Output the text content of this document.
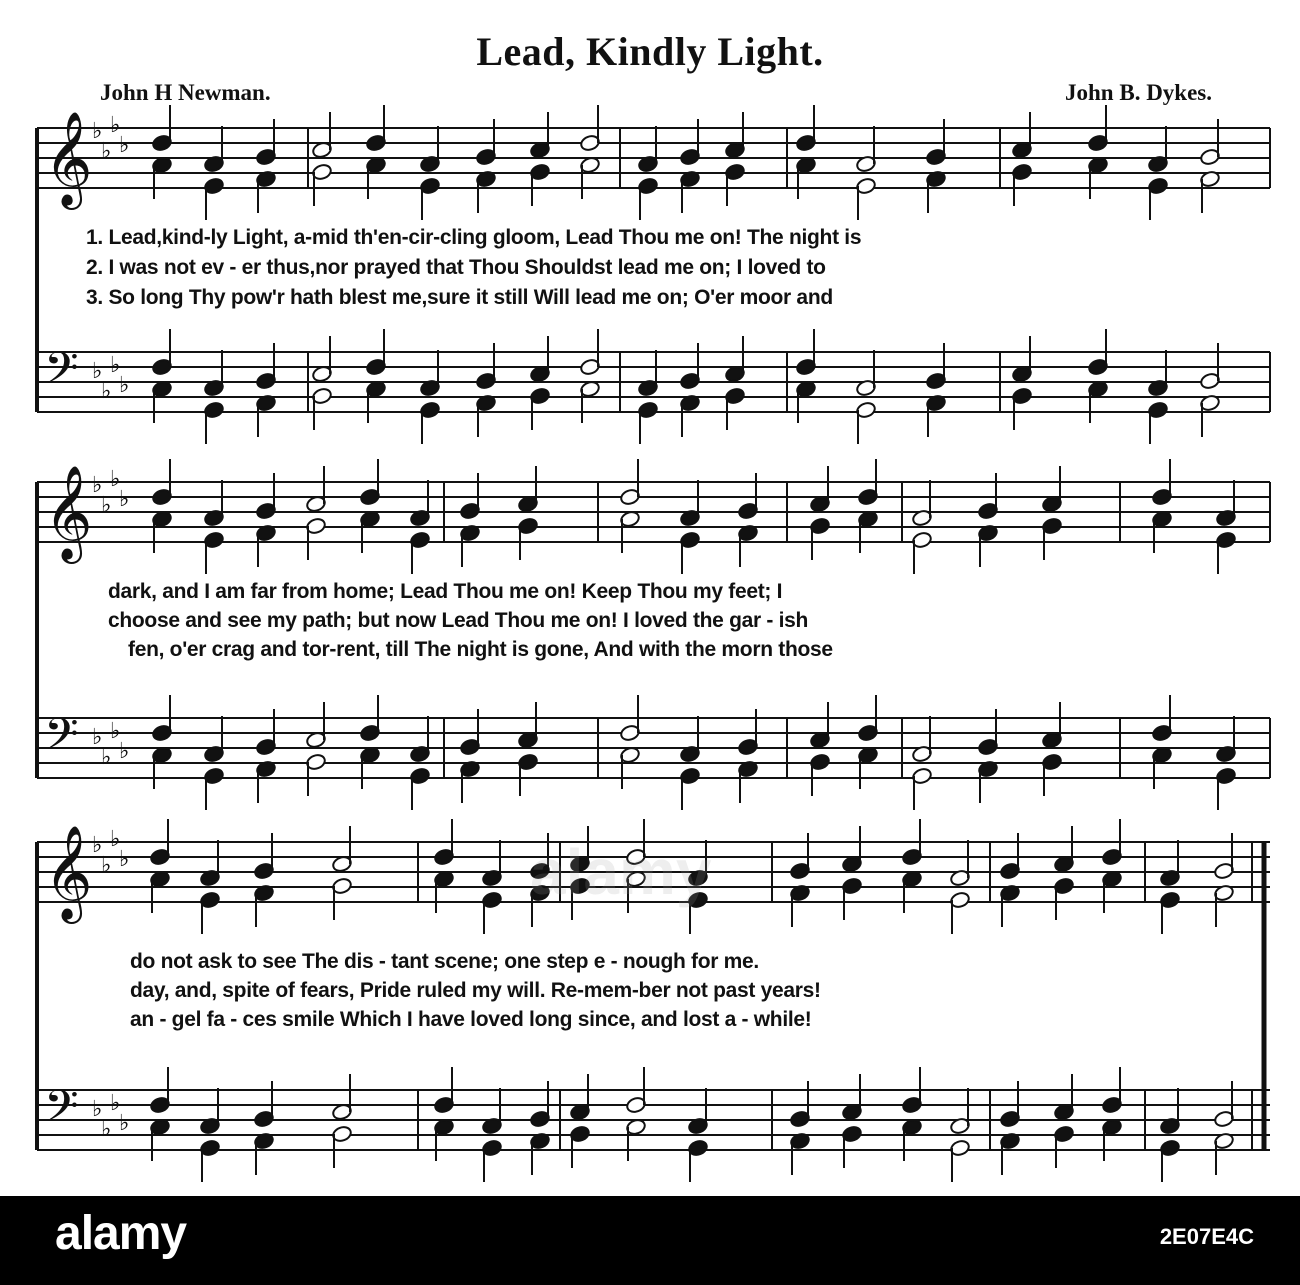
Lead, Kindly Light.
John H Newman.	John B. Dykes.
𝄞
𝄢
♭
♭
♭
♭
♭
♭
♭
♭
𝄞
𝄢
♭
♭
♭
♭
♭
♭
♭
♭
𝄞
𝄢
♭
♭
♭
♭
♭
♭
♭
♭
1. Lead,kind-ly Light, a-mid th'en-cir-cling gloom, Lead Thou me on! The night is
2. I was not ev - er thus,nor prayed that Thou Shouldst lead me on; I loved to
3. So long Thy pow'r hath blest me,sure it still Will lead me on; O'er moor and
dark, and I am far from home; Lead Thou me on! Keep Thou my feet; I
choose and see my path; but now Lead Thou me on! I loved the gar - ish
fen, o'er crag and tor-rent, till The night is gone, And with the morn those
do not ask to see The dis - tant scene; one step e - nough for me.
day, and, spite of fears, Pride ruled my will. Re-mem-ber not past years!
an - gel fa - ces smile Which I have loved long since, and lost a - while!
alamy
alamy	2E07E4C
